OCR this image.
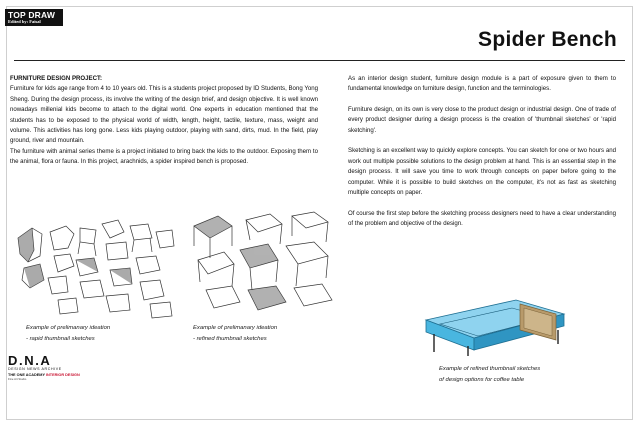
TOP DRAW
Edited by: Faisal
Spider Bench

FURNITURE DESIGN PROJECT:
Furniture for kids age range from 4 to 10 years old. This is a students project proposed by ID Students, Bong Yong Sheng. During the design process, its involve the writing of the design brief, and design objective. It is well known nowadays millenial kids become to attach to the digital world. One experts in education mentioned that the students has to be exposed to the physical world of width, length, height, tactile, texture, mass, weight and volume. This activities has long gone. Less kids playing outdoor, playing with sand, dirts, mud. In the field, play ground, river and mountain.
The furniture with animal series theme is a project initiated to bring back the kids to the outdoor. Exposing them to the animal, flora or fauna. In this project, arachnids, a spider inspired bench is proposed.

As an interior design student, furniture design module is a part of exposure given to them to fundamental knowledge on furniture design, function and the terminologies.

Furniture design, on its own is very close to the product design or industrial design. One of trade of every product designer during a design process is the creation of 'thumbnail sketches' or 'rapid sketching'.

Sketching is an excellent way to quickly explore concepts. You can sketch for one or two hours and work out multiple possible solutions to the design problem at hand. This is an essential step in the design process. It will save you time to work through concepts on paper before going to the computer. While it is possible to build sketches on the computer, it's not as fast as sketching multiple concepts on paper.

Of course the first step before the sketching process designers need to have a clear understanding of the problem and objective of the design.

Example of prelimanary ideation
- rapid thumbnail sketches
Example of prelimanary ideation
- refined thumbnail sketches
Example of refined thumbnail sketches
of design options for coffee table
D.N.A
DESIGN NEWS ARCHIVE
THE ONE ACADEMY INTERIOR DESIGN
Fine Art Studio
